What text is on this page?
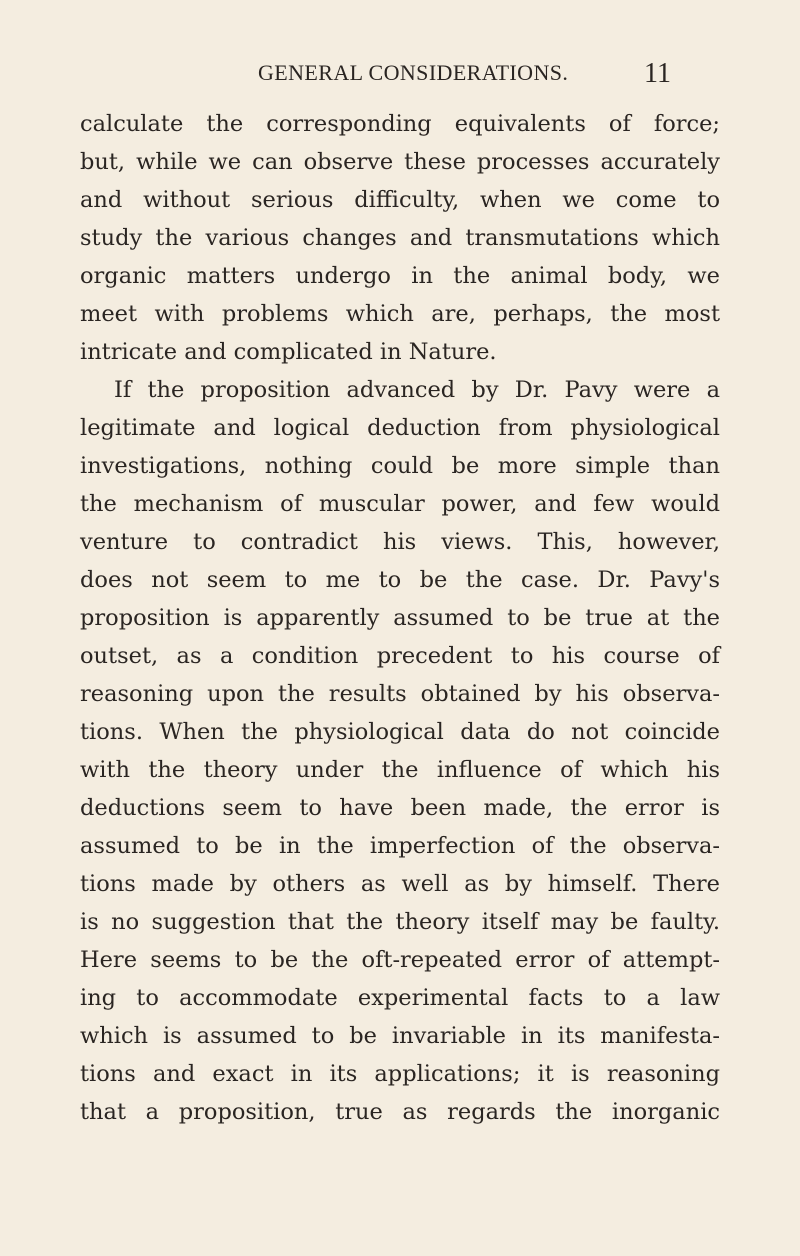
GENERAL CONSIDERATIONS.	11
calculate the corresponding equivalents of force;
but, while we can observe these processes accurately
and without serious difficulty, when we come to
study the various changes and transmutations which
organic matters undergo in the animal body, we
meet with problems which are, perhaps, the most
intricate and complicated in Nature.
If the proposition advanced by Dr. Pavy were a
legitimate and logical deduction from physiological
investigations, nothing could be more simple than
the mechanism of muscular power, and few would
venture to contradict his views. This, however,
does not seem to me to be the case. Dr. Pavy's
proposition is apparently assumed to be true at the
outset, as a condition precedent to his course of
reasoning upon the results obtained by his observa-
tions. When the physiological data do not coincide
with the theory under the influence of which his
deductions seem to have been made, the error is
assumed to be in the imperfection of the observa-
tions made by others as well as by himself. There
is no suggestion that the theory itself may be faulty.
Here seems to be the oft-repeated error of attempt-
ing to accommodate experimental facts to a law
which is assumed to be invariable in its manifesta-
tions and exact in its applications; it is reasoning
that a proposition, true as regards the inorganic
